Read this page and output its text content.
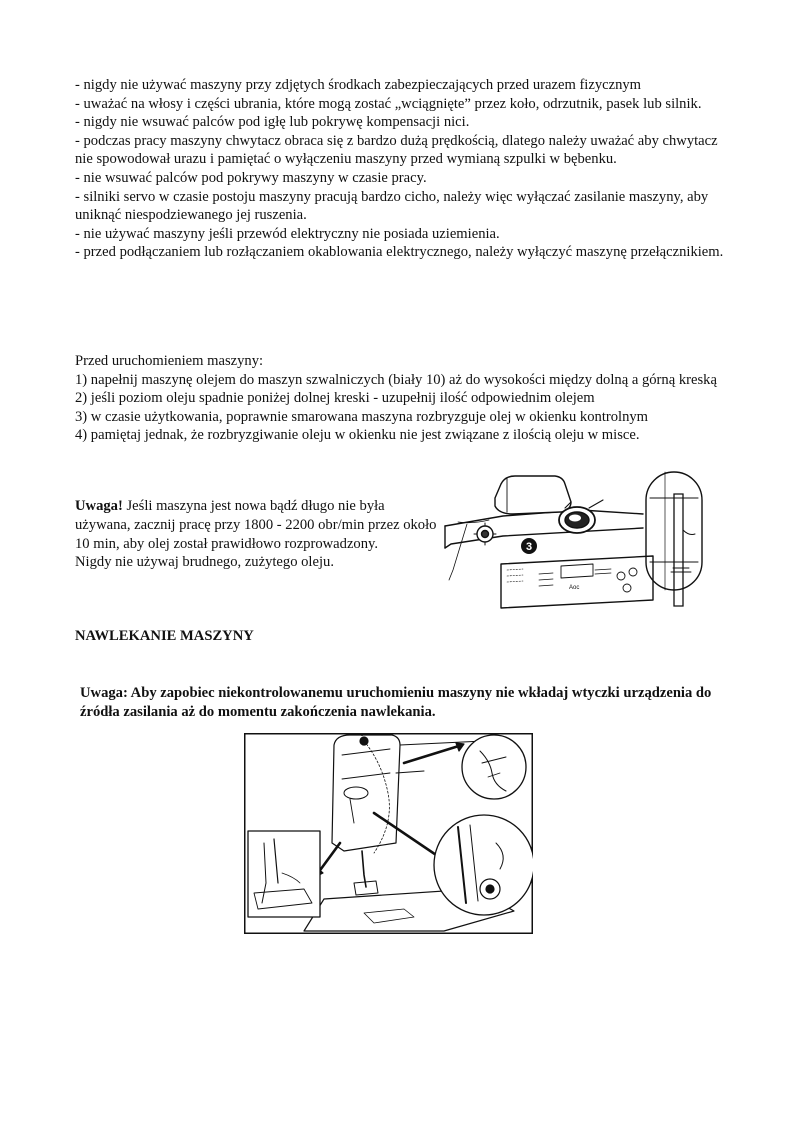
- nigdy nie używać maszyny przy zdjętych środkach zabezpieczających przed urazem fizycznym

- uważać na włosy i części ubrania, które mogą zostać „wciągnięte” przez koło, odrzutnik, pasek lub silnik.

- nigdy nie wsuwać palców pod igłę lub pokrywę kompensacji nici.

- podczas pracy maszyny chwytacz obraca się z bardzo dużą prędkością, dlatego należy uważać aby chwytacz nie spowodował urazu i pamiętać o wyłączeniu maszyny przed wymianą szpulki w bębenku.

- nie wsuwać palców pod pokrywy maszyny w czasie pracy.

- silniki servo w czasie postoju maszyny pracują bardzo cicho, należy więc wyłączać zasilanie maszyny, aby uniknąć niespodziewanego jej ruszenia.

- nie używać maszyny jeśli przewód elektryczny nie posiada uziemienia.

- przed podłączaniem lub rozłączaniem okablowania elektrycznego, należy wyłączyć maszynę przełącznikiem.

Przed uruchomieniem maszyny:

1) napełnij maszynę olejem do maszyn szwalniczych (biały 10) aż do wysokości między dolną a górną kreską

2) jeśli poziom oleju spadnie poniżej dolnej kreski - uzupełnij ilość odpowiednim olejem

3) w czasie użytkowania, poprawnie smarowana maszyna rozbryzguje olej w okienku kontrolnym

4) pamiętaj jednak, że rozbryzgiwanie oleju w okienku nie jest związane z ilością oleju w misce.

Uwaga! Jeśli maszyna jest nowa bądź długo nie była używana, zacznij pracę przy 1800 - 2200 obr/min przez około 10 min, aby olej został prawidłowo rozprowadzony.

Nigdy nie używaj brudnego, zużytego oleju.

3
Aoc

NAWLEKANIE MASZYNY

Uwaga: Aby zapobiec niekontrolowanemu uruchomieniu maszyny nie wkładaj wtyczki urządzenia do źródła zasilania aż do momentu zakończenia nawlekania.
